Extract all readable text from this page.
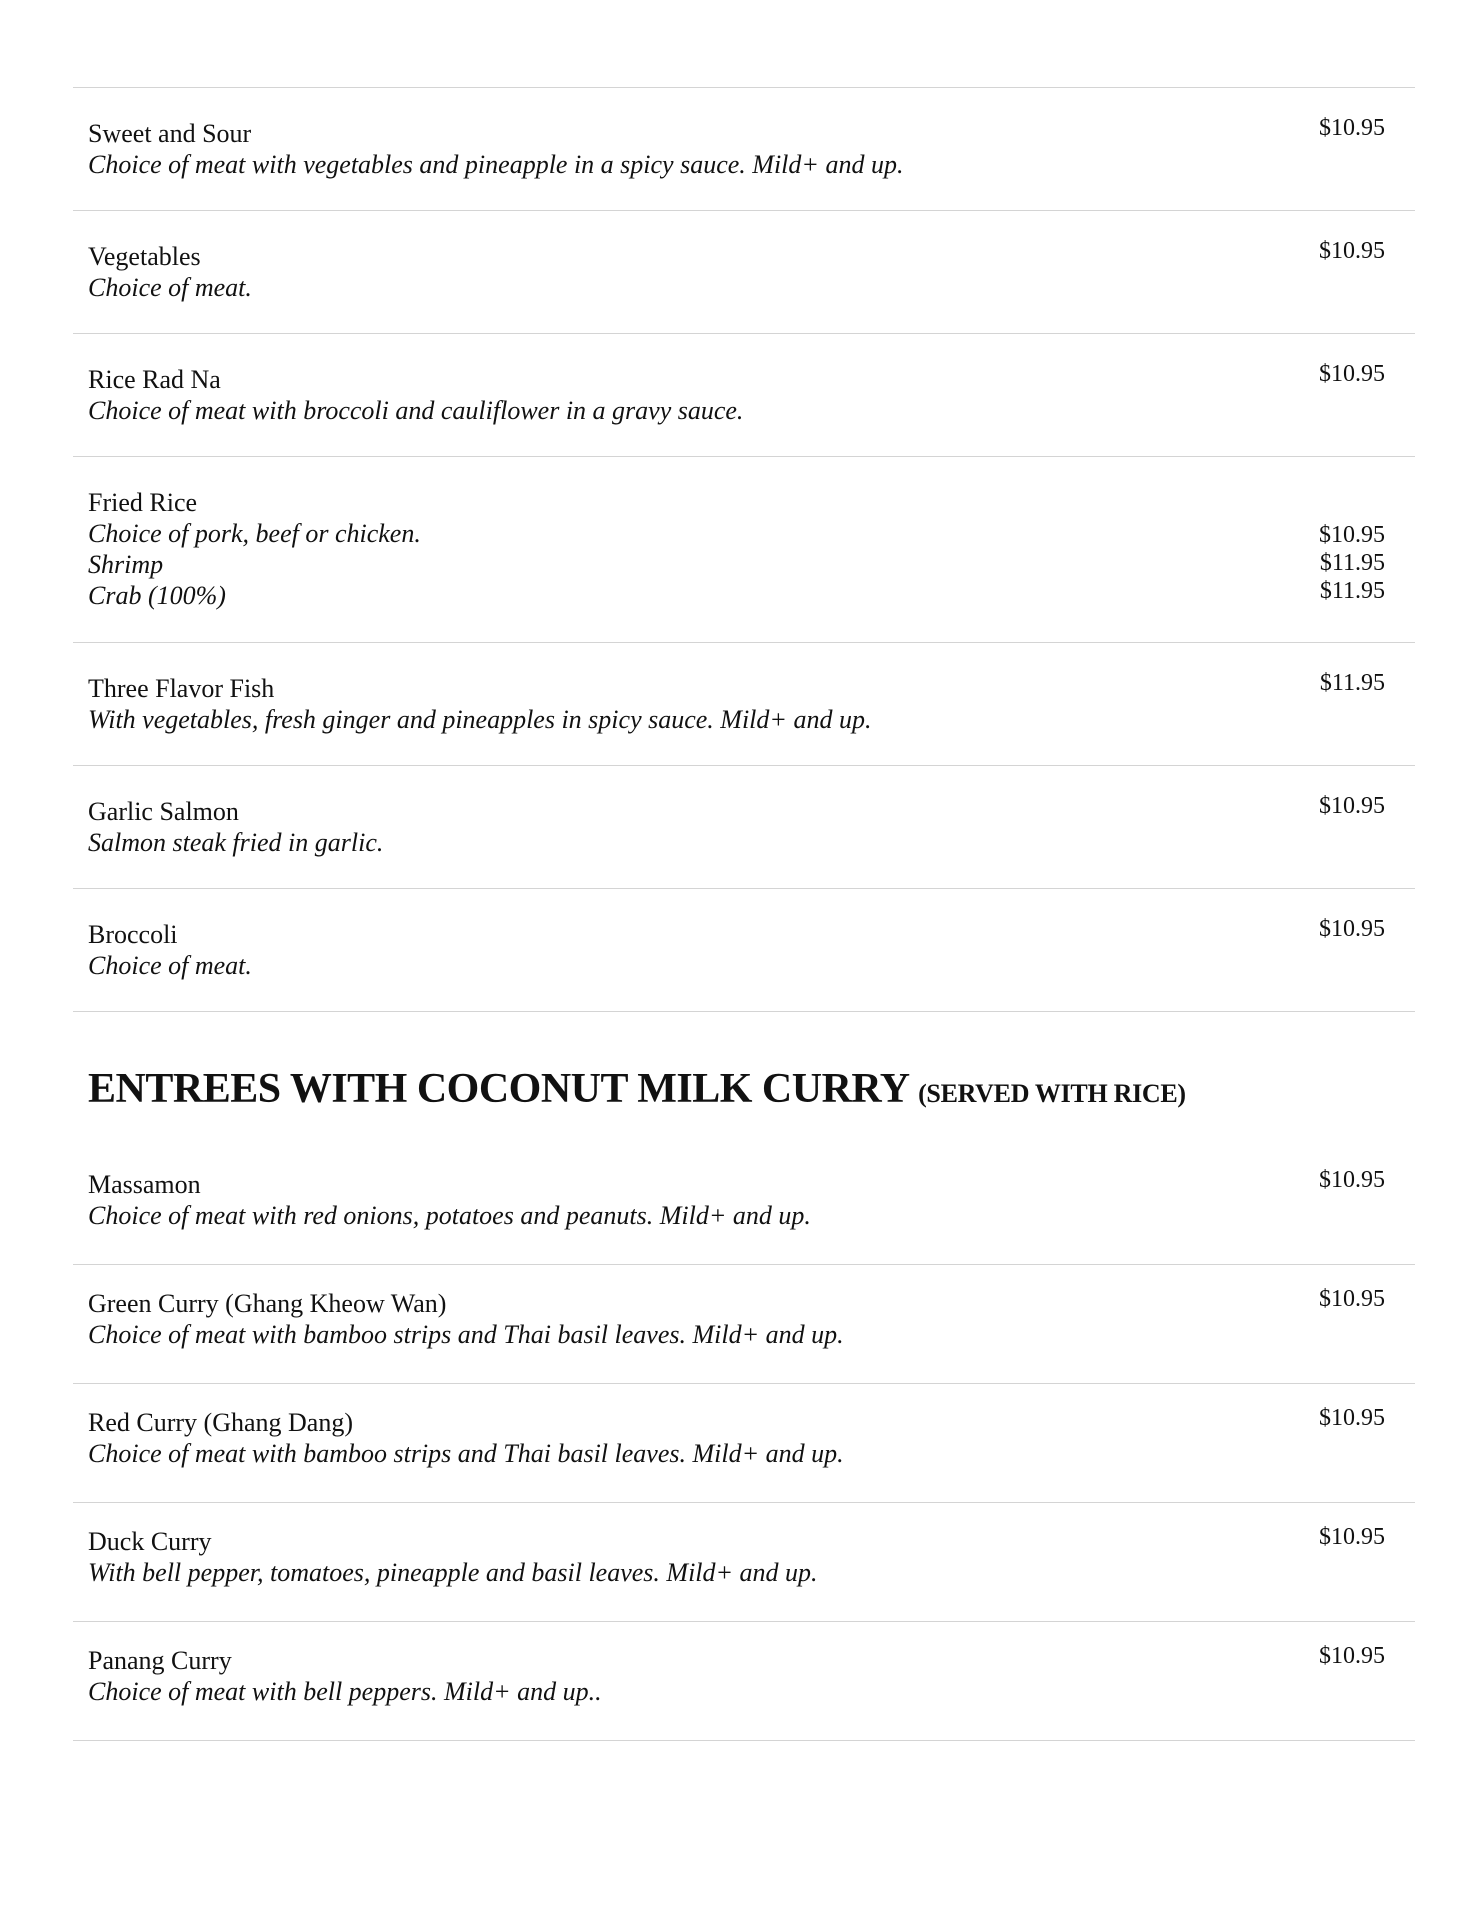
Sweet and Sour
Choice of meat with vegetables and pineapple in a spicy sauce. Mild+ and up.
$10.95
Vegetables
Choice of meat.
$10.95
Rice Rad Na
Choice of meat with broccoli and cauliflower in a gravy sauce.
$10.95
Fried Rice
Choice of pork, beef or chicken.
Shrimp
Crab (100%)
$10.95
$11.95
$11.95
Three Flavor Fish
With vegetables, fresh ginger and pineapples in spicy sauce. Mild+ and up.
$11.95
Garlic Salmon
Salmon steak fried in garlic.
$10.95
Broccoli
Choice of meat.
$10.95
ENTREES WITH COCONUT MILK CURRY (SERVED WITH RICE)
Massamon
Choice of meat with red onions, potatoes and peanuts. Mild+ and up.
$10.95
Green Curry (Ghang Kheow Wan)
Choice of meat with bamboo strips and Thai basil leaves. Mild+ and up.
$10.95
Red Curry (Ghang Dang)
Choice of meat with bamboo strips and Thai basil leaves. Mild+ and up.
$10.95
Duck Curry
With bell pepper, tomatoes, pineapple and basil leaves. Mild+ and up.
$10.95
Panang Curry
Choice of meat with bell peppers. Mild+ and up..
$10.95
